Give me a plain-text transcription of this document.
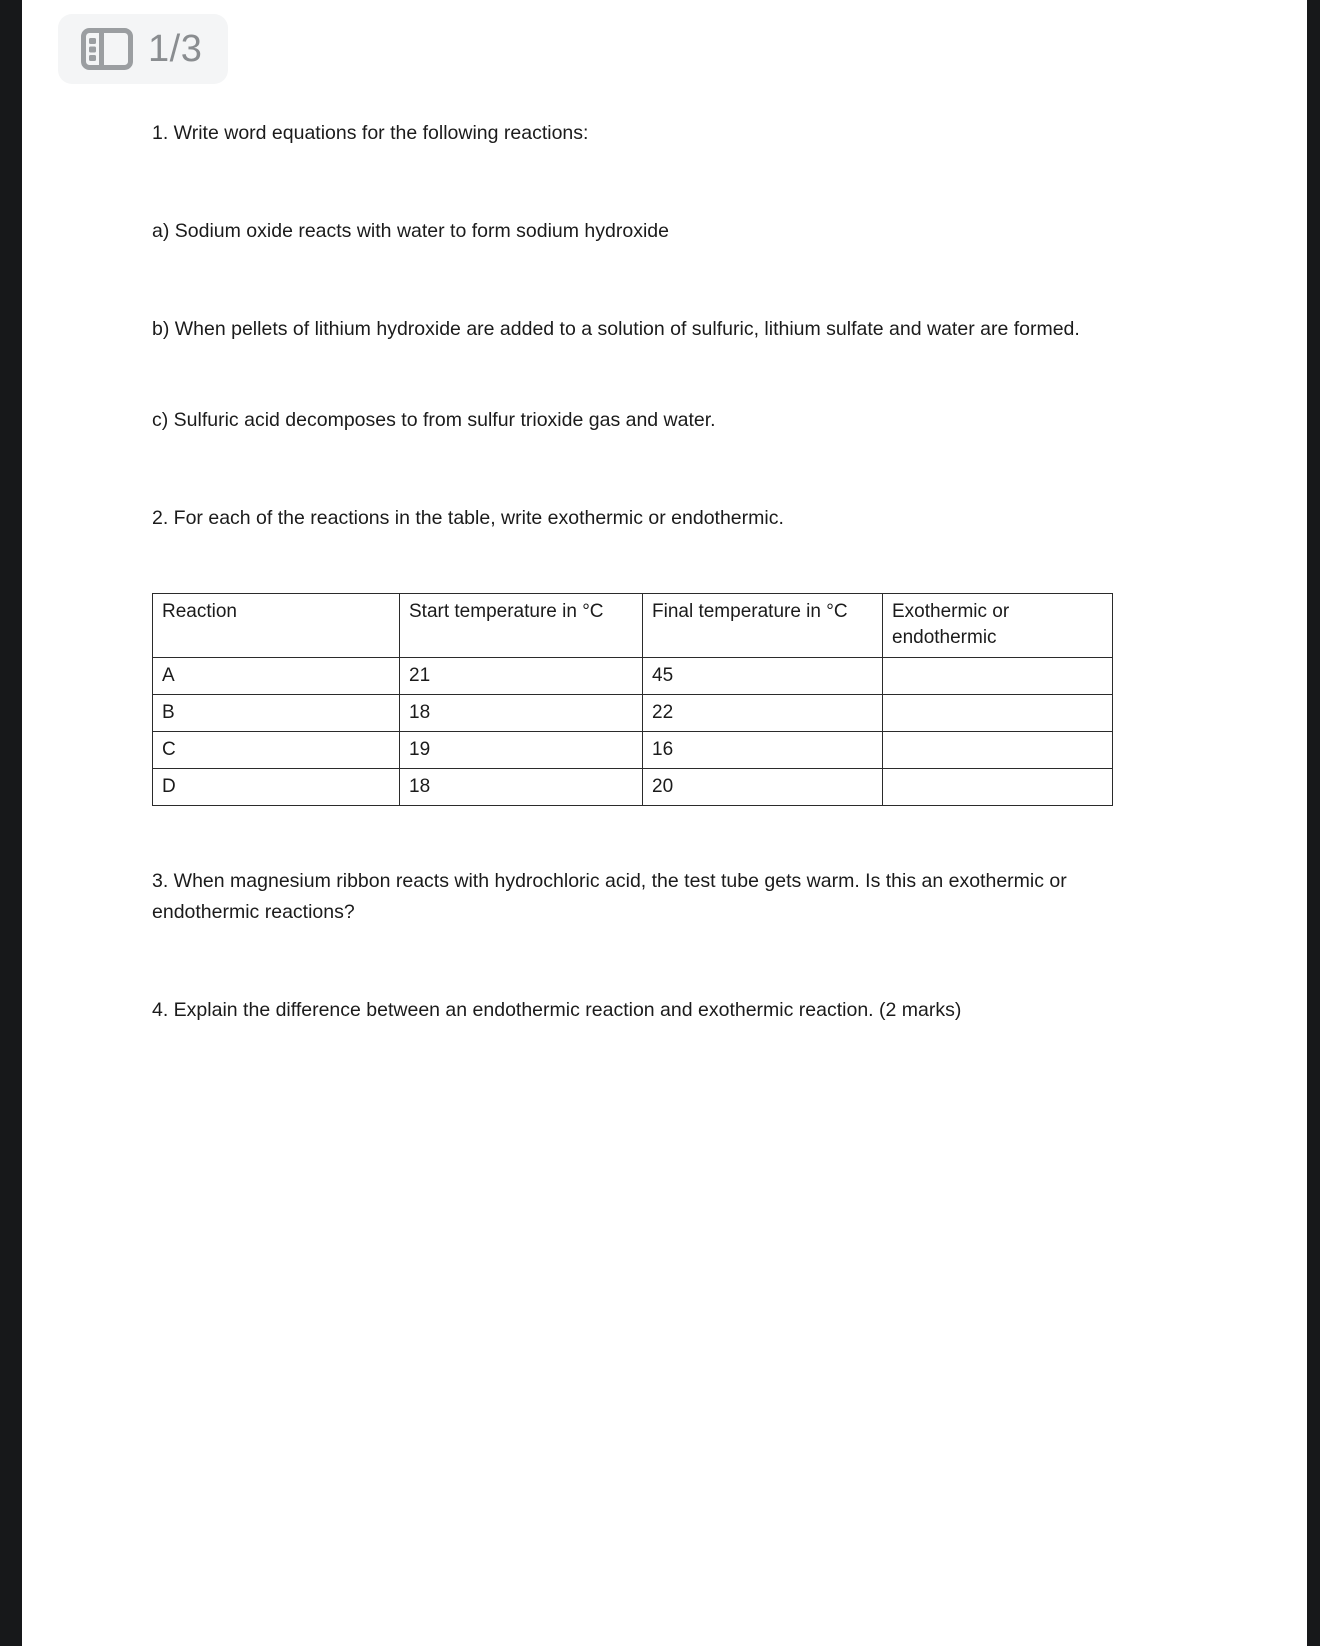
1/3

1. Write word equations for the following reactions:

a) Sodium oxide reacts with water to form sodium hydroxide

b) When pellets of lithium hydroxide are added to a solution of sulfuric, lithium sulfate and water are formed.

c) Sulfuric acid decomposes to from sulfur trioxide gas and water.

2. For each of the reactions in the table, write exothermic or endothermic.

Reaction	Start temperature in °C	Final temperature in °C	Exothermic or endothermic
A	21	45	
B	18	22	
C	19	16	
D	18	20	

3. When magnesium ribbon reacts with hydrochloric acid, the test tube gets warm. Is this an exothermic or endothermic reactions?

4. Explain the difference between an endothermic reaction and exothermic reaction. (2 marks)
